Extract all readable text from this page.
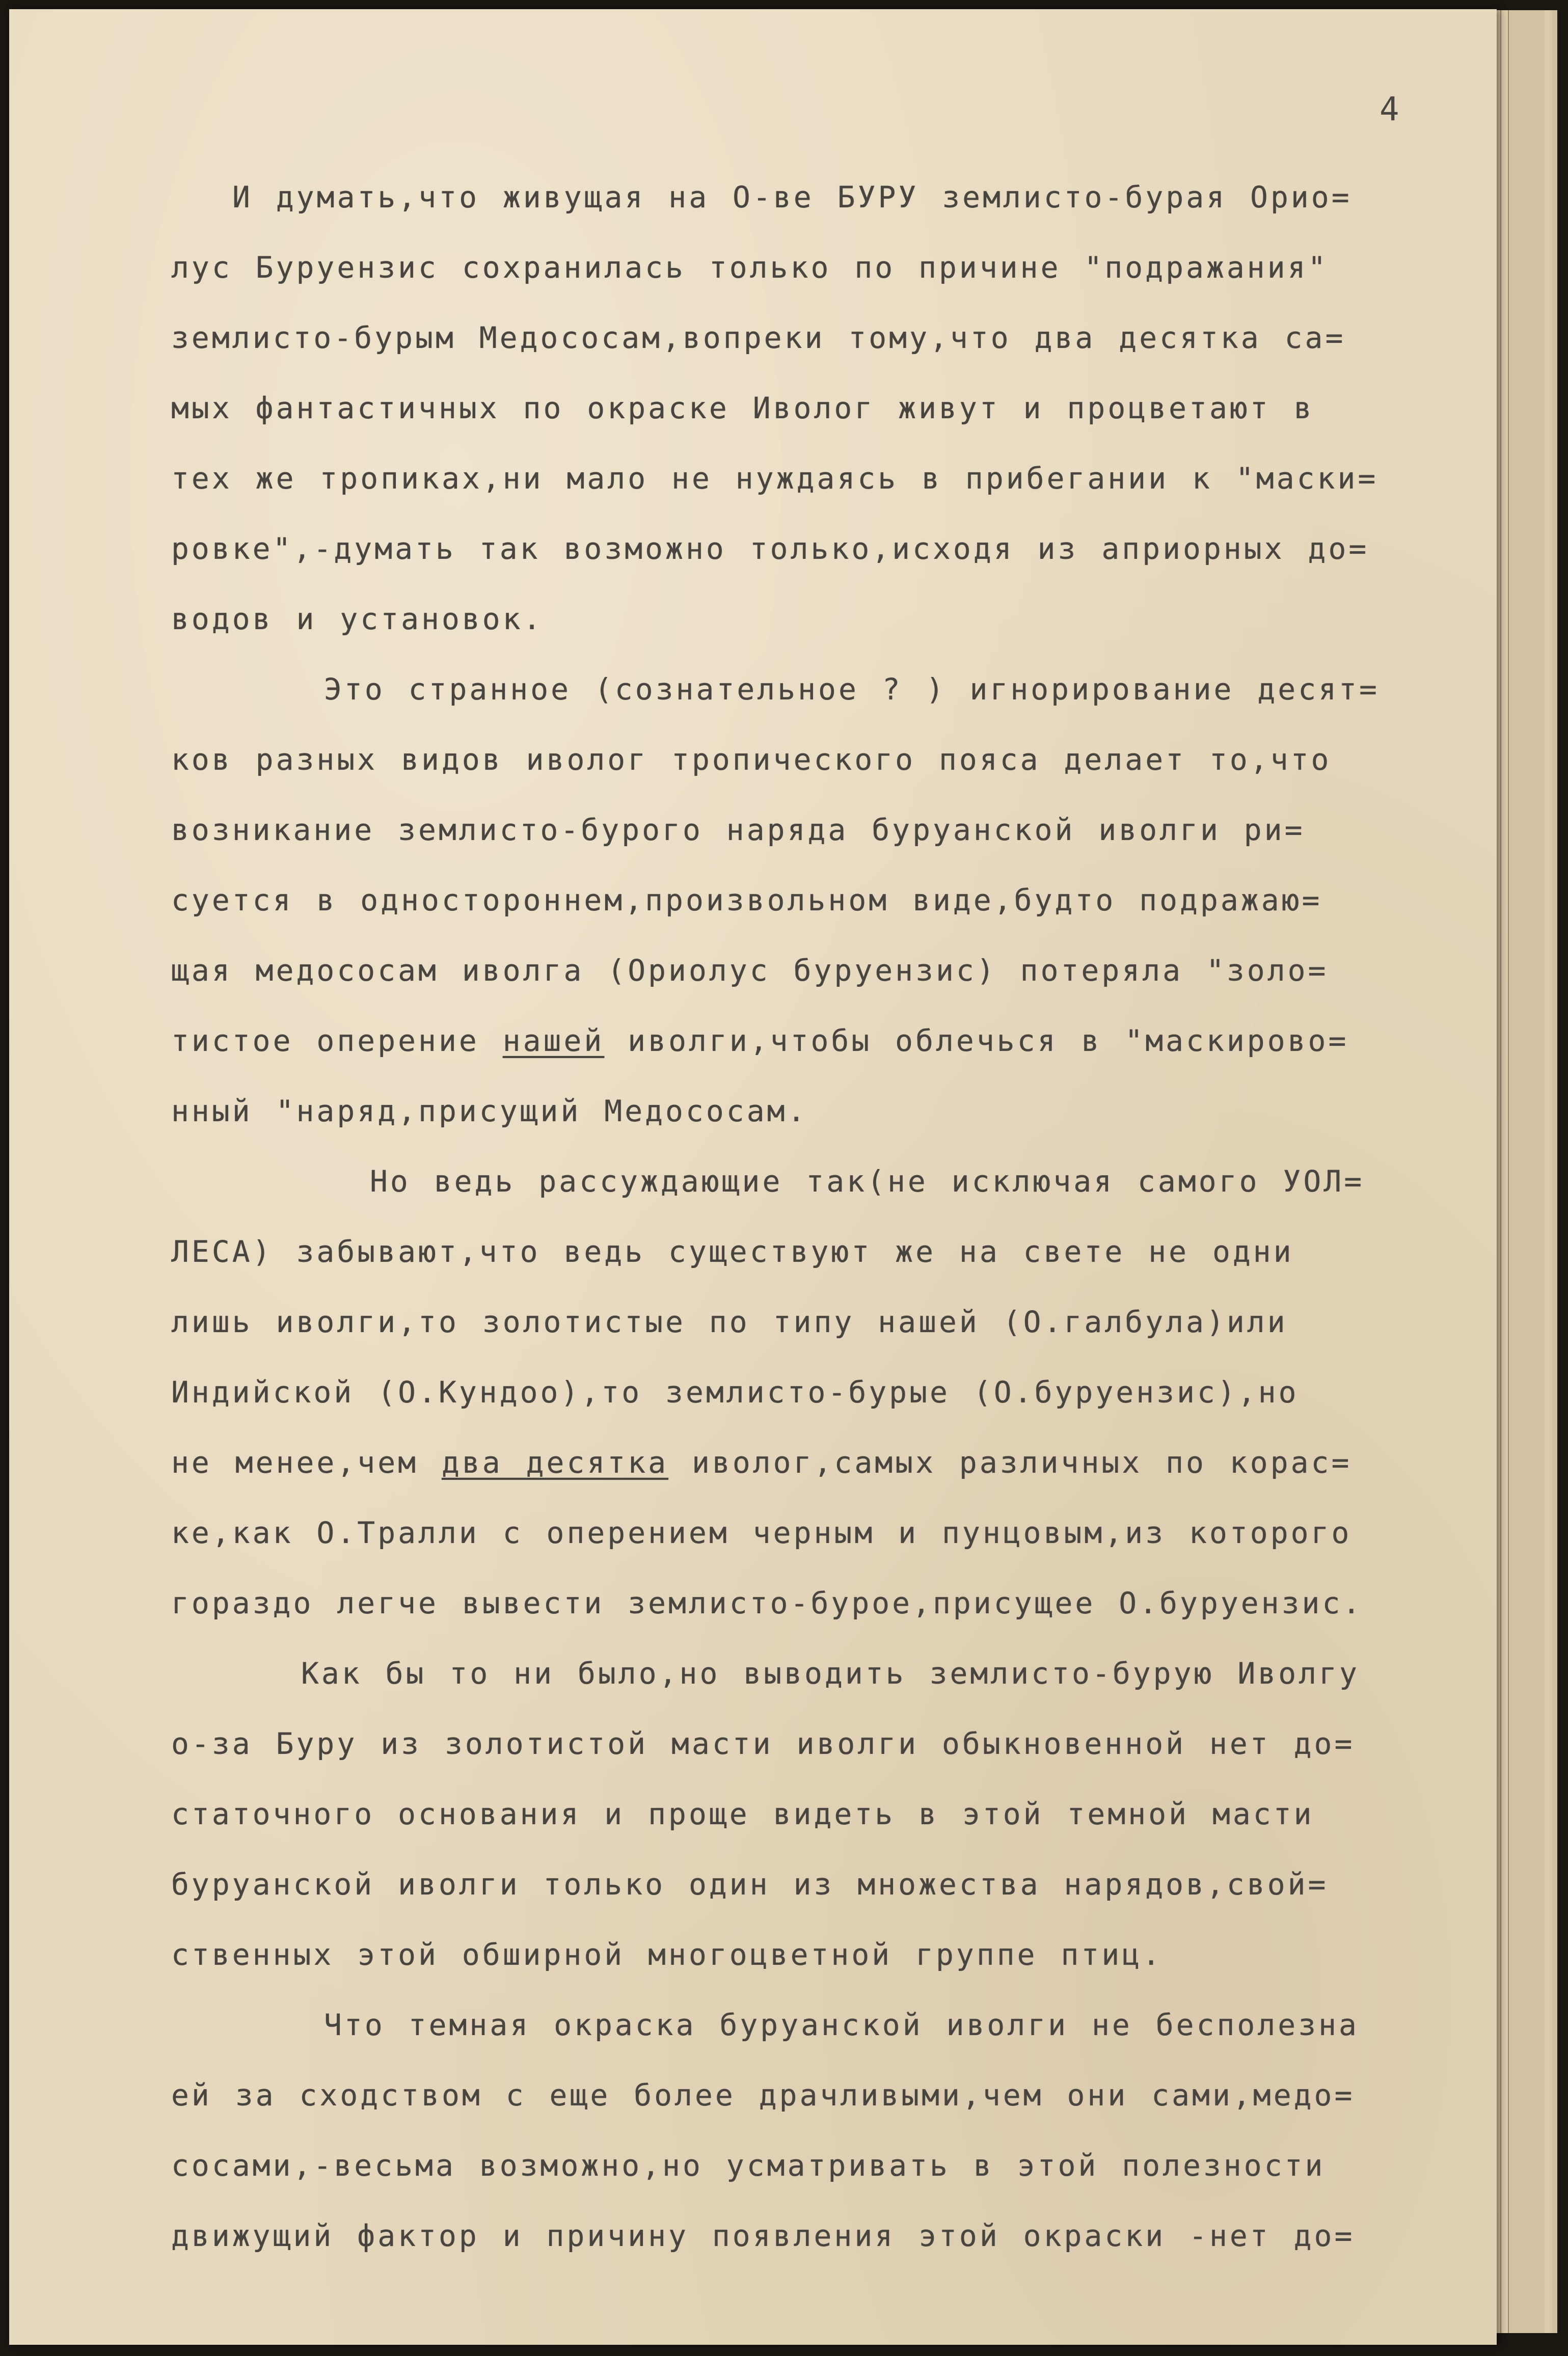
4
И думать,что живущая на О-ве БУРУ землисто-бурая Орио=
лус Буруензис сохранилась только по причине "подражания"
землисто-бурым Медососам,вопреки тому,что два десятка са=
мых фантастичных по окраске Иволог живут и процветают в
тех же тропиках,ни мало не нуждаясь в прибегании к "маски=
ровке",-думать так возможно только,исходя из априорных до=
водов и установок.
Это странное (сознательное ? ) игнорирование десят=
ков разных видов иволог тропического пояса делает то,что
возникание землисто-бурого наряда буруанской иволги ри=
суется в одностороннем,произвольном виде,будто подражаю=
щая медососам иволга (Ориолус буруензис) потеряла "золо=
тистое оперение нашей иволги,чтобы облечься в "маскирово=
нный "наряд,присущий Медососам.
Но ведь рассуждающие так(не исключая самого УОЛ=
ЛЕСА) забывают,что ведь существуют же на свете не одни
лишь иволги,то золотистые по типу нашей (О.галбула)или
Индийской (О.Кундоо),то землисто-бурые (О.буруензис),но
не менее,чем два десятка иволог,самых различных по корас=
ке,как О.Тралли с оперением черным и пунцовым,из которого
гораздо легче вывести землисто-бурое,присущее О.буруензис.
Как бы то ни было,но выводить землисто-бурую Иволгу
о-за Буру из золотистой масти иволги обыкновенной нет до=
статочного основания и проще видеть в этой темной масти
буруанской иволги только один из множества нарядов,свой=
ственных этой обширной многоцветной группе птиц.
Что темная окраска буруанской иволги не бесполезна
ей за сходством с еще более драчливыми,чем они сами,медо=
сосами,-весьма возможно,но усматривать в этой полезности
движущий фактор и причину появления этой окраски -нет до=
